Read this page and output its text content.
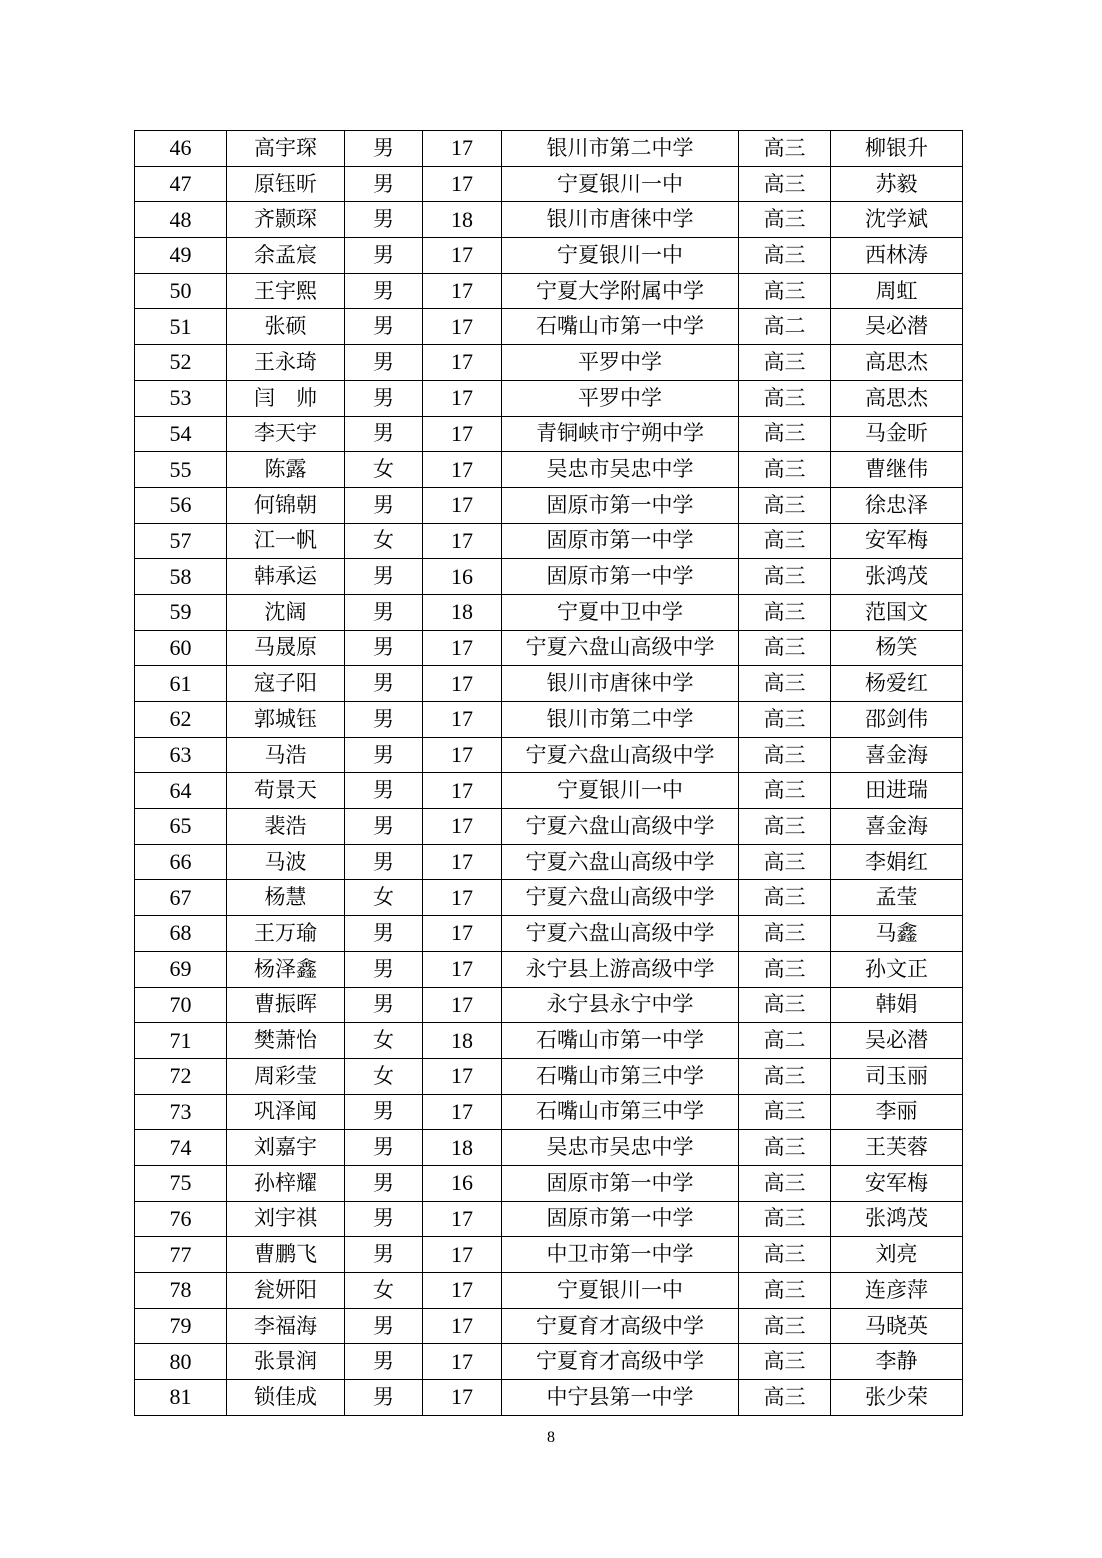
46	高宇琛	男	17	银川市第二中学	高三	柳银升
47	原钰昕	男	17	宁夏银川一中	高三	苏毅
48	齐颢琛	男	18	银川市唐徕中学	高三	沈学斌
49	余孟宸	男	17	宁夏银川一中	高三	西林涛
50	王宇熙	男	17	宁夏大学附属中学	高三	周虹
51	张硕	男	17	石嘴山市第一中学	高二	吴必潜
52	王永琦	男	17	平罗中学	高三	高思杰
53	闫　帅	男	17	平罗中学	高三	高思杰
54	李天宇	男	17	青铜峡市宁朔中学	高三	马金昕
55	陈露	女	17	吴忠市吴忠中学	高三	曹继伟
56	何锦朝	男	17	固原市第一中学	高三	徐忠泽
57	江一帆	女	17	固原市第一中学	高三	安军梅
58	韩承运	男	16	固原市第一中学	高三	张鸿茂
59	沈阔	男	18	宁夏中卫中学	高三	范国文
60	马晟原	男	17	宁夏六盘山高级中学	高三	杨笑
61	寇子阳	男	17	银川市唐徕中学	高三	杨爱红
62	郭城钰	男	17	银川市第二中学	高三	邵剑伟
63	马浩	男	17	宁夏六盘山高级中学	高三	喜金海
64	苟景天	男	17	宁夏银川一中	高三	田进瑞
65	裴浩	男	17	宁夏六盘山高级中学	高三	喜金海
66	马波	男	17	宁夏六盘山高级中学	高三	李娟红
67	杨慧	女	17	宁夏六盘山高级中学	高三	孟莹
68	王万瑜	男	17	宁夏六盘山高级中学	高三	马鑫
69	杨泽鑫	男	17	永宁县上游高级中学	高三	孙文正
70	曹振晖	男	17	永宁县永宁中学	高三	韩娟
71	樊萧怡	女	18	石嘴山市第一中学	高二	吴必潜
72	周彩莹	女	17	石嘴山市第三中学	高三	司玉丽
73	巩泽闻	男	17	石嘴山市第三中学	高三	李丽
74	刘嘉宇	男	18	吴忠市吴忠中学	高三	王芙蓉
75	孙梓耀	男	16	固原市第一中学	高三	安军梅
76	刘宇祺	男	17	固原市第一中学	高三	张鸿茂
77	曹鹏飞	男	17	中卫市第一中学	高三	刘亮
78	瓮妍阳	女	17	宁夏银川一中	高三	连彦萍
79	李福海	男	17	宁夏育才高级中学	高三	马晓英
80	张景润	男	17	宁夏育才高级中学	高三	李静
81	锁佳成	男	17	中宁县第一中学	高三	张少荣
8
